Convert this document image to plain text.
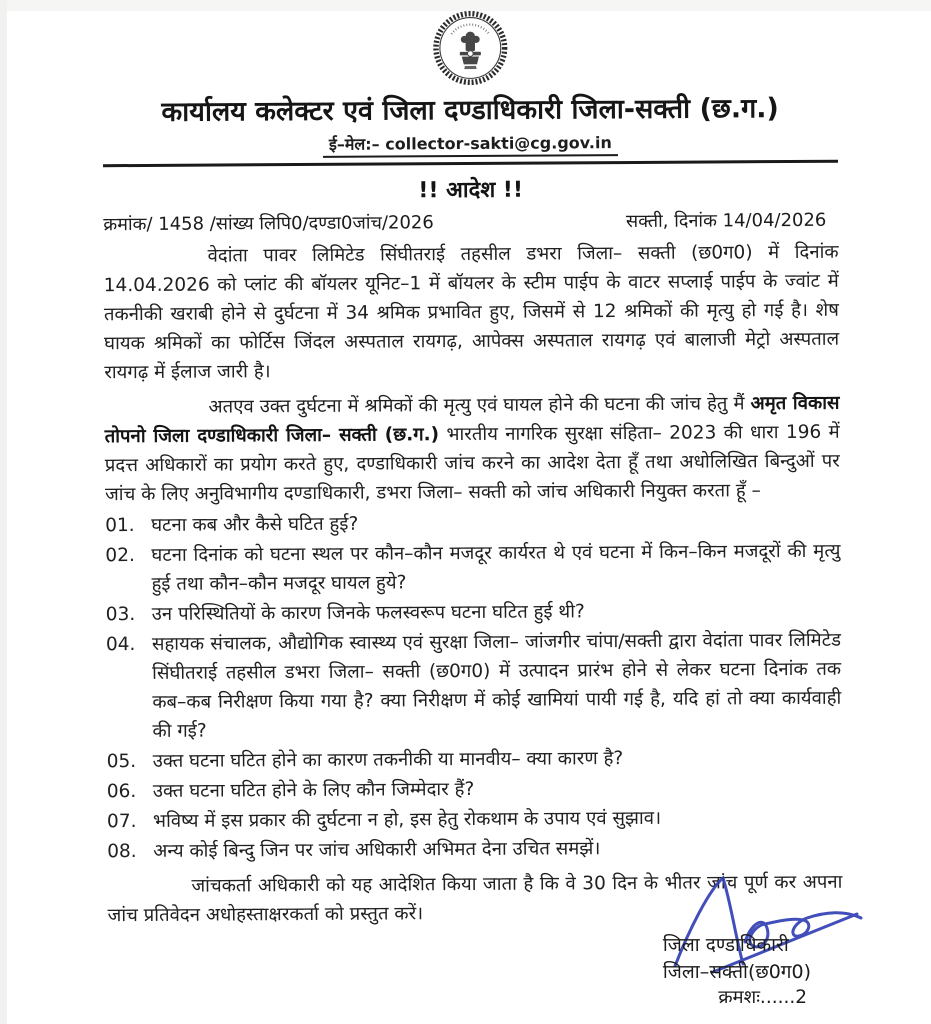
कार्यालय कलेक्टर एवं जिला दण्डाधिकारी जिला-सक्ती (छ.ग.)
ई–मेल:– collector-sakti@cg.gov.in
!! आदेश !!
क्रमांक/ 1458 /सांख्य लिपि0/दण्डा0जांच/2026	सक्ती, दिनांक 14/04/2026

वेदांता पावर लिमिटेड सिंघीतराई तहसील डभरा जिला– सक्ती (छ0ग0) में दिनांक 14.04.2026 को प्लांट की बॉयलर यूनिट–1 में बॉयलर के स्टीम पाईप के वाटर सप्लाई पाईप के ज्वांट में तकनीकी खराबी होने से दुर्घटना में 34 श्रमिक प्रभावित हुए, जिसमें से 12 श्रमिकों की मृत्यु हो गई है। शेष घायक श्रमिकों का फोर्टिस जिंदल अस्पताल रायगढ़, आपेक्स अस्पताल रायगढ़ एवं बालाजी मेट्रो अस्पताल रायगढ़ में ईलाज जारी है।

अतएव उक्त दुर्घटना में श्रमिकों की मृत्यु एवं घायल होने की घटना की जांच हेतु मैं अमृत विकास तोपनो जिला दण्डाधिकारी जिला– सक्ती (छ.ग.) भारतीय नागरिक सुरक्षा संहिता– 2023 की धारा 196 में प्रदत्त अधिकारों का प्रयोग करते हुए, दण्डाधिकारी जांच करने का आदेश देता हूँ तथा अधोलिखित बिन्दुओं पर जांच के लिए अनुविभागीय दण्डाधिकारी, डभरा जिला– सक्ती को जांच अधिकारी नियुक्त करता हूँ –

01. घटना कब और कैसे घटित हुई?
02. घटना दिनांक को घटना स्थल पर कौन–कौन मजदूर कार्यरत थे एवं घटना में किन–किन मजदूरों की मृत्यु हुई तथा कौन–कौन मजदूर घायल हुये?
03. उन परिस्थितियों के कारण जिनके फलस्वरूप घटना घटित हुई थी?
04. सहायक संचालक, औद्योगिक स्वास्थ्य एवं सुरक्षा जिला– जांजगीर चांपा/सक्ती द्वारा वेदांता पावर लिमिटेड सिंघीतराई तहसील डभरा जिला– सक्ती (छ0ग0) में उत्पादन प्रारंभ होने से लेकर घटना दिनांक तक कब–कब निरीक्षण किया गया है? क्या निरीक्षण में कोई खामियां पायी गई है, यदि हां तो क्या कार्यवाही की गई?
05. उक्त घटना घटित होने का कारण तकनीकी या मानवीय– क्या कारण है?
06. उक्त घटना घटित होने के लिए कौन जिम्मेदार हैं?
07. भविष्य में इस प्रकार की दुर्घटना न हो, इस हेतु रोकथाम के उपाय एवं सुझाव।
08. अन्य कोई बिन्दु जिन पर जांच अधिकारी अभिमत देना उचित समझें।

जांचकर्ता अधिकारी को यह आदेशित किया जाता है कि वे 30 दिन के भीतर जांच पूर्ण कर अपना जांच प्रतिवेदन अधोहस्ताक्षरकर्ता को प्रस्तुत करें।

जिला दण्डाधिकारी
जिला–सक्ती(छ0ग0)
क्रमशः......2
